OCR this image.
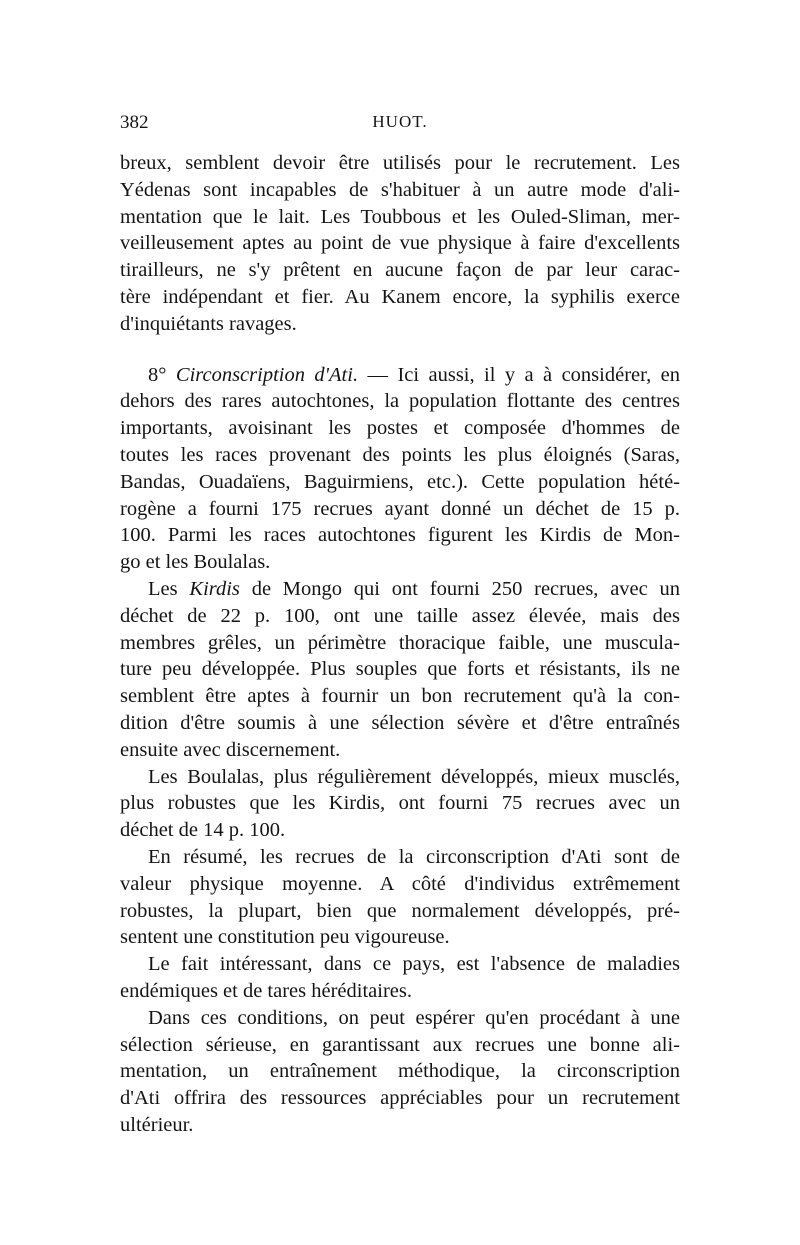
382	HUOT.
breux, semblent devoir être utilisés pour le recrutement. Les
Yédenas sont incapables de s'habituer à un autre mode d'ali-
mentation que le lait. Les Toubbous et les Ouled-Sliman, mer-
veilleusement aptes au point de vue physique à faire d'excellents
tirailleurs, ne s'y prêtent en aucune façon de par leur carac-
tère indépendant et fier. Au Kanem encore, la syphilis exerce
d'inquiétants ravages.
8° Circonscription d'Ati. — Ici aussi, il y a à considérer, en
dehors des rares autochtones, la population flottante des centres
importants, avoisinant les postes et composée d'hommes de
toutes les races provenant des points les plus éloignés (Saras,
Bandas, Ouadaïens, Baguirmiens, etc.). Cette population hété-
rogène a fourni 175 recrues ayant donné un déchet de 15 p.
100. Parmi les races autochtones figurent les Kirdis de Mon-
go et les Boulalas.
Les Kirdis de Mongo qui ont fourni 250 recrues, avec un
déchet de 22 p. 100, ont une taille assez élevée, mais des
membres grêles, un périmètre thoracique faible, une muscula-
ture peu développée. Plus souples que forts et résistants, ils ne
semblent être aptes à fournir un bon recrutement qu'à la con-
dition d'être soumis à une sélection sévère et d'être entraînés
ensuite avec discernement.
Les Boulalas, plus régulièrement développés, mieux musclés,
plus robustes que les Kirdis, ont fourni 75 recrues avec un
déchet de 14 p. 100.
En résumé, les recrues de la circonscription d'Ati sont de
valeur physique moyenne. A côté d'individus extrêmement
robustes, la plupart, bien que normalement développés, pré-
sentent une constitution peu vigoureuse.
Le fait intéressant, dans ce pays, est l'absence de maladies
endémiques et de tares héréditaires.
Dans ces conditions, on peut espérer qu'en procédant à une
sélection sérieuse, en garantissant aux recrues une bonne ali-
mentation, un entraînement méthodique, la circonscription
d'Ati offrira des ressources appréciables pour un recrutement
ultérieur.
